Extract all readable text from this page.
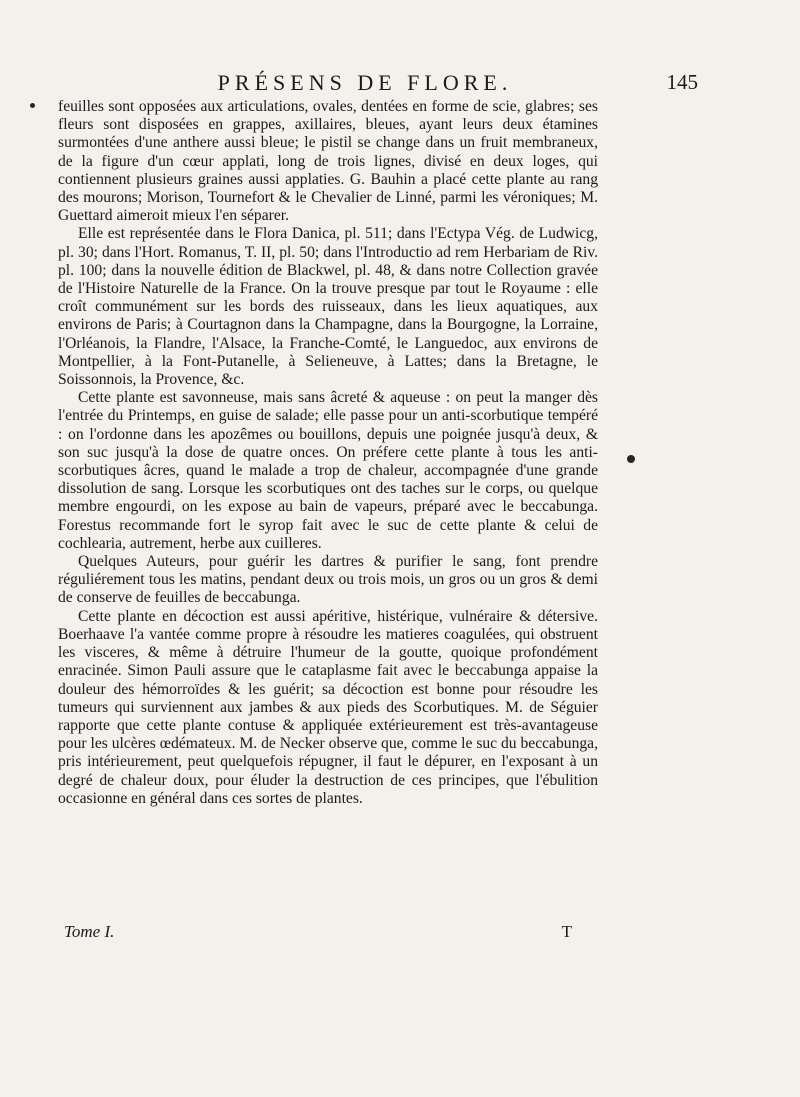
PRÉSENS DE FLORE.	145

feuilles sont opposées aux articulations, ovales, dentées en forme de scie, glabres; ses fleurs sont disposées en grappes, axillaires, bleues, ayant leurs deux étamines surmontées d'une anthere aussi bleue; le pistil se change dans un fruit membraneux, de la figure d'un cœur applati, long de trois lignes, divisé en deux loges, qui contiennent plusieurs graines aussi applaties. G. Bauhin a placé cette plante au rang des mourons; Morison, Tournefort & le Chevalier de Linné, parmi les véroniques; M. Guettard aimeroit mieux l'en séparer.

Elle est représentée dans le Flora Danica, pl. 511; dans l'Ectypa Vég. de Ludwicg, pl. 30; dans l'Hort. Romanus, T. II, pl. 50; dans l'Introductio ad rem Herbariam de Riv. pl. 100; dans la nouvelle édition de Blackwel, pl. 48, & dans notre Collection gravée de l'Histoire Naturelle de la France. On la trouve presque par tout le Royaume : elle croît communément sur les bords des ruisseaux, dans les lieux aquatiques, aux environs de Paris; à Courtagnon dans la Champagne, dans la Bourgogne, la Lorraine, l'Orléanois, la Flandre, l'Alsace, la Franche-Comté, le Languedoc, aux environs de Montpellier, à la Font-Putanelle, à Selieneuve, à Lattes; dans la Bretagne, le Soissonnois, la Provence, &c.

Cette plante est savonneuse, mais sans âcreté & aqueuse : on peut la manger dès l'entrée du Printemps, en guise de salade; elle passe pour un anti-scorbutique tempéré : on l'ordonne dans les apozêmes ou bouillons, depuis une poignée jusqu'à deux, & son suc jusqu'à la dose de quatre onces. On préfere cette plante à tous les anti-scorbutiques âcres, quand le malade a trop de chaleur, accompagnée d'une grande dissolution de sang. Lorsque les scorbutiques ont des taches sur le corps, ou quelque membre engourdi, on les expose au bain de vapeurs, préparé avec le beccabunga. Forestus recommande fort le syrop fait avec le suc de cette plante & celui de cochlearia, autrement, herbe aux cuilleres.

Quelques Auteurs, pour guérir les dartres & purifier le sang, font prendre réguliérement tous les matins, pendant deux ou trois mois, un gros ou un gros & demi de conserve de feuilles de beccabunga.

Cette plante en décoction est aussi apéritive, histérique, vulnéraire & détersive. Boerhaave l'a vantée comme propre à résoudre les matieres coagulées, qui obstruent les visceres, & même à détruire l'humeur de la goutte, quoique profondément enracinée. Simon Pauli assure que le cataplasme fait avec le beccabunga appaise la douleur des hémorroïdes & les guérit; sa décoction est bonne pour résoudre les tumeurs qui surviennent aux jambes & aux pieds des Scorbutiques. M. de Séguier rapporte que cette plante contuse & appliquée extérieurement est très-avantageuse pour les ulcères œdémateux. M. de Necker observe que, comme le suc du beccabunga, pris intérieurement, peut quelquefois répugner, il faut le dépurer, en l'exposant à un degré de chaleur doux, pour éluder la destruction de ces principes, que l'ébulition occasionne en général dans ces sortes de plantes.

Tome I.	T
